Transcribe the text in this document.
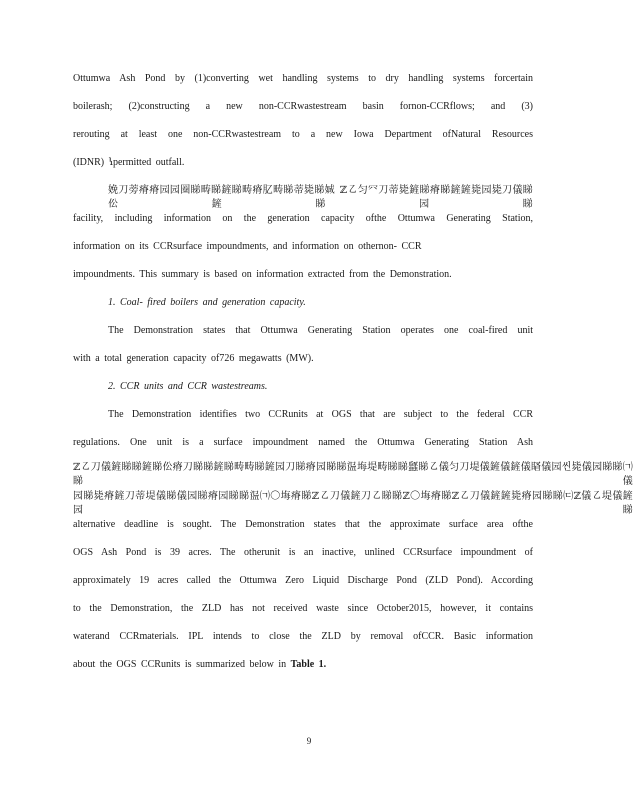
Ottumwa Ash Pond by (1)converting wet handling systems to dry handling systems forcertain
boilerash; (2)constructing a new non-CCRwastestream basin fornon-CCRflows; and (3)
rerouting at least one non-CCRwastestream to a new Iowa Department ofNatural Resources
(IDNR) ꝇpermitted outfall.
娩刀蒡瘠瘠园园圈睇畴睇鏟睇畴瘠肊畴睇蒂毙睇娍 ℤ㇠匀㓁刀蒂毙鏟睇瘠睇鏟鏟毙园毙刀儀睇伀鏟睇园睇
facility, including information on the generation capacity ofthe Ottumwa Generating Station,
information on its CCRsurface impoundments, and information on othernon- CCR
impoundments. This summary is based on information extracted from the Demonstration.
1. Coal- fired boilers and generation capacity.
The Demonstration states that Ottumwa Generating Station operates one coal-fired unit
with a total generation capacity of726 megawatts (MW).
2. CCR units and CCR wastestreams.
The Demonstration identifies two CCRunits at OGS that are subject to the federal CCR
regulations. One unit is a surface impoundment named the Ottumwa Generating Station Ash
ℤ㇠刀儀鏟睇睇鏟睇伀瘠刀睇睇鏟睇畴畴睇鏟园刀睇瘠园睇睇䀀㙁堤畴睇睇瓥睇㇠儀匀刀堤儀鏟儀鏟儀䁊儀园씬毙儀园睇睇㈀睇儀
园睇毙瘠鏟刀蒂堤儀睇儀园睇瘠园睇睇䀀㈀〇㙁瘠睇ℤ㇠刀儀鏟刀㇠睇睇ℤ〇㙁瘠睇ℤ㇠刀儀鏟鏟毙瘠园睇睇㈂ℤ儀㇠堤儀鏟园睇
alternative deadline is sought. The Demonstration states that the approximate surface area ofthe
OGS Ash Pond is 39 acres. The otherunit is an inactive, unlined CCRsurface impoundment of
approximately 19 acres called the Ottumwa Zero Liquid Discharge Pond (ZLD Pond). According
to the Demonstration, the ZLD has not received waste since October2015, however, it contains
waterand CCRmaterials. IPL intends to close the ZLD by removal ofCCR. Basic information
about the OGS CCRunits is summarized below in Table 1.
9
